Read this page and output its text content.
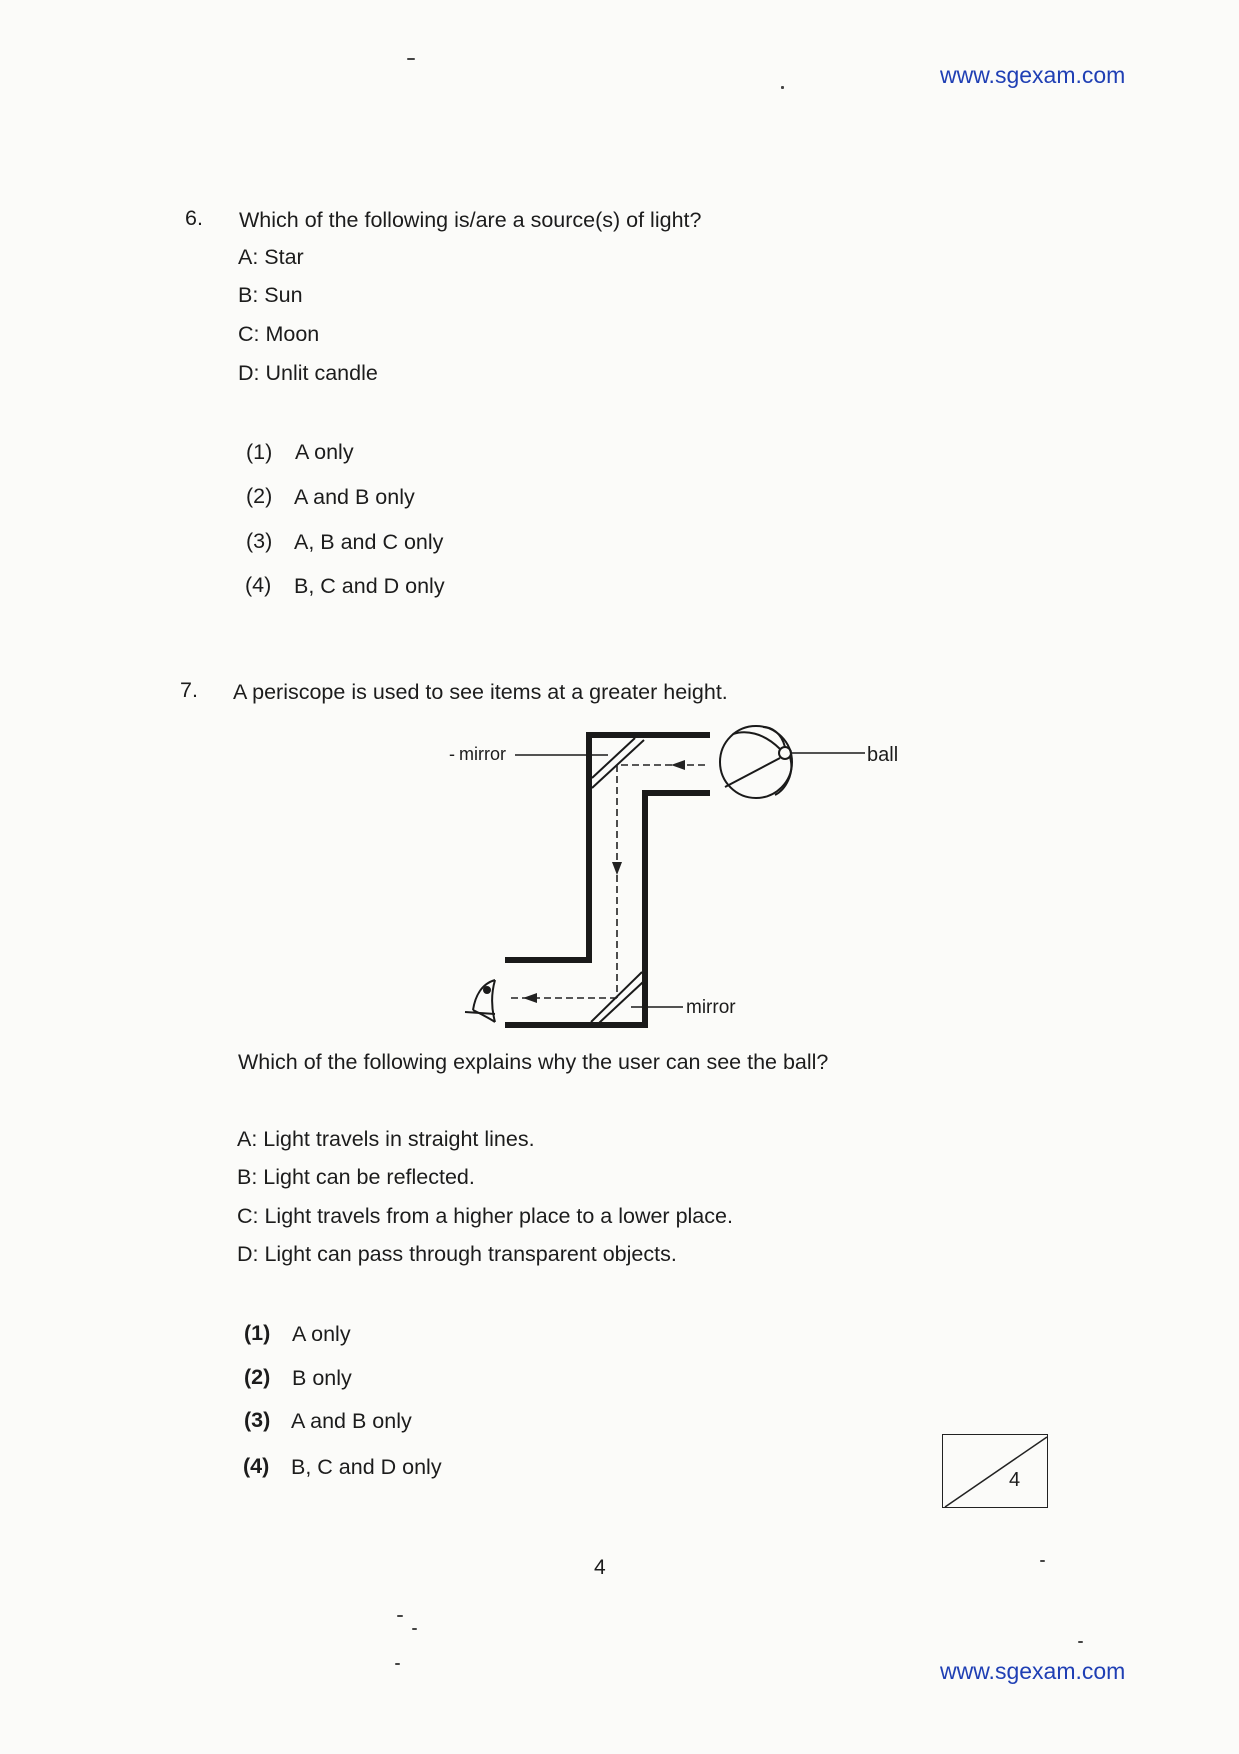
www.sgexam.com
6. Which of the following is/are a source(s) of light?
A: Star
B: Sun
C: Moon
D: Unlit candle
(1) A only
(2) A and B only
(3) A, B and C only
(4) B, C and D only
7. A periscope is used to see items at a greater height.
- mirror	ball
mirror
Which of the following explains why the user can see the ball?
A: Light travels in straight lines.
B: Light can be reflected.
C: Light travels from a higher place to a lower place.
D: Light can pass through transparent objects.
(1) A only
(2) B only
(3) A and B only
(4) B, C and D only
4
4
www.sgexam.com
